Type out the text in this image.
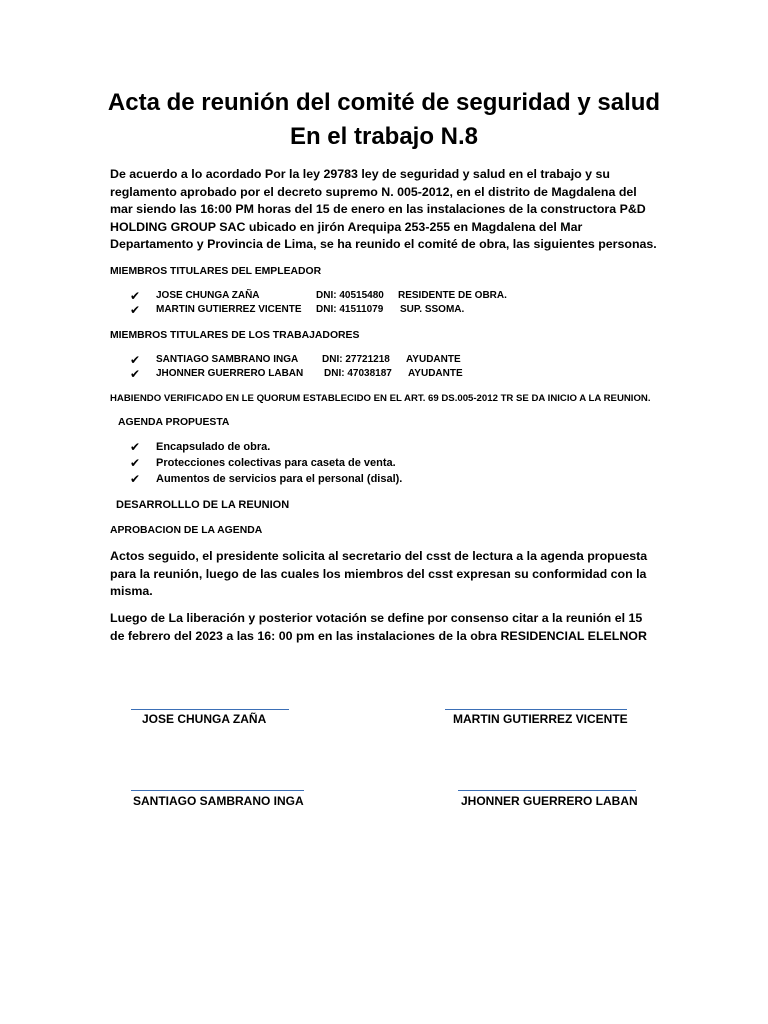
Acta de reunión del comité de seguridad y salud En el trabajo N.8

De acuerdo a lo acordado Por la ley 29783 ley de seguridad y salud en el trabajo y su reglamento aprobado por el decreto supremo N. 005-2012, en el distrito de Magdalena del mar siendo las 16:00 PM horas del 15 de enero en las instalaciones de la constructora P&D HOLDING GROUP SAC ubicado en jirón Arequipa 253-255 en Magdalena del Mar Departamento y Provincia de Lima, se ha reunido el comité de obra, las siguientes personas.

MIEMBROS TITULARES DEL EMPLEADOR

✔ JOSE CHUNGA ZAÑA	DNI: 40515480 RESIDENTE DE OBRA.
✔ MARTIN GUTIERREZ VICENTE DNI: 41511079 SUP. SSOMA.

MIEMBROS TITULARES DE LOS TRABAJADORES

✔ SANTIAGO SAMBRANO INGA DNI: 27721218 AYUDANTE
✔ JHONNER GUERRERO LABAN DNI: 47038187 AYUDANTE

HABIENDO VERIFICADO EN LE QUORUM ESTABLECIDO EN EL ART. 69 DS.005-2012 TR SE DA INICIO A LA REUNION.

AGENDA PROPUESTA

✔ Encapsulado de obra.
✔ Protecciones colectivas para caseta de venta.
✔ Aumentos de servicios para el personal (disal).

DESARROLLLO DE LA REUNION

APROBACION DE LA AGENDA

Actos seguido, el presidente solicita al secretario del csst de lectura a la agenda propuesta para la reunión, luego de las cuales los miembros del csst expresan su conformidad con la misma.

Luego de La liberación y posterior votación se define por consenso citar a la reunión el 15 de febrero del 2023 a las 16: 00 pm en las instalaciones de la obra RESIDENCIAL ELELNOR

JOSE CHUNGA ZAÑA	MARTIN GUTIERREZ VICENTE
SANTIAGO SAMBRANO INGA	JHONNER GUERRERO LABAN
